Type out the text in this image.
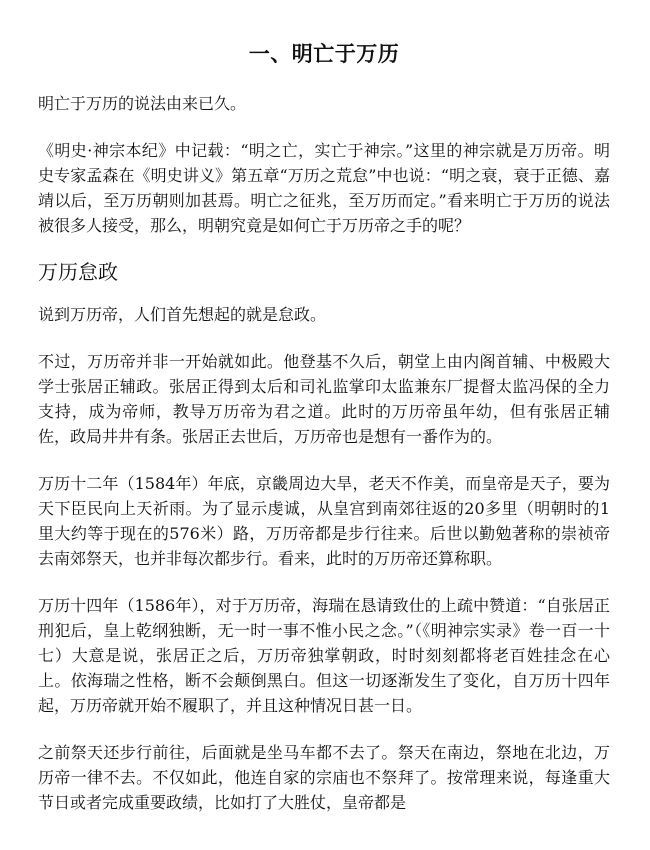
一、明亡于万历

明亡于万历的说法由来已久。

《明史·神宗本纪》中记载：“明之亡，实亡于神宗。”这里的神宗就是万历帝。明史专家孟森在《明史讲义》第五章“万历之荒怠”中也说：“明之衰，衰于正德、嘉靖以后，至万历朝则加甚焉。明亡之征兆，至万历而定。”看来明亡于万历的说法被很多人接受，那么，明朝究竟是如何亡于万历帝之手的呢？

万历怠政

说到万历帝，人们首先想起的就是怠政。

不过，万历帝并非一开始就如此。他登基不久后，朝堂上由内阁首辅、中极殿大学士张居正辅政。张居正得到太后和司礼监掌印太监兼东厂提督太监冯保的全力支持，成为帝师，教导万历帝为君之道。此时的万历帝虽年幼，但有张居正辅佐，政局井井有条。张居正去世后，万历帝也是想有一番作为的。

万历十二年（1584年）年底，京畿周边大旱，老天不作美，而皇帝是天子，要为天下臣民向上天祈雨。为了显示虔诚，从皇宫到南郊往返的20多里（明朝时的1里大约等于现在的576米）路，万历帝都是步行往来。后世以勤勉著称的崇祯帝去南郊祭天，也并非每次都步行。看来，此时的万历帝还算称职。

万历十四年（1586年），对于万历帝，海瑞在恳请致仕的上疏中赞道：“自张居正刑犯后，皇上乾纲独断，无一时一事不惟小民之念。”（《明神宗实录》卷一百一十七）大意是说，张居正之后，万历帝独掌朝政，时时刻刻都将老百姓挂念在心上。依海瑞之性格，断不会颠倒黑白。但这一切逐渐发生了变化，自万历十四年起，万历帝就开始不履职了，并且这种情况日甚一日。

之前祭天还步行前往，后面就是坐马车都不去了。祭天在南边，祭地在北边，万历帝一律不去。不仅如此，他连自家的宗庙也不祭拜了。按常理来说，每逢重大节日或者完成重要政绩，比如打了大胜仗，皇帝都是
